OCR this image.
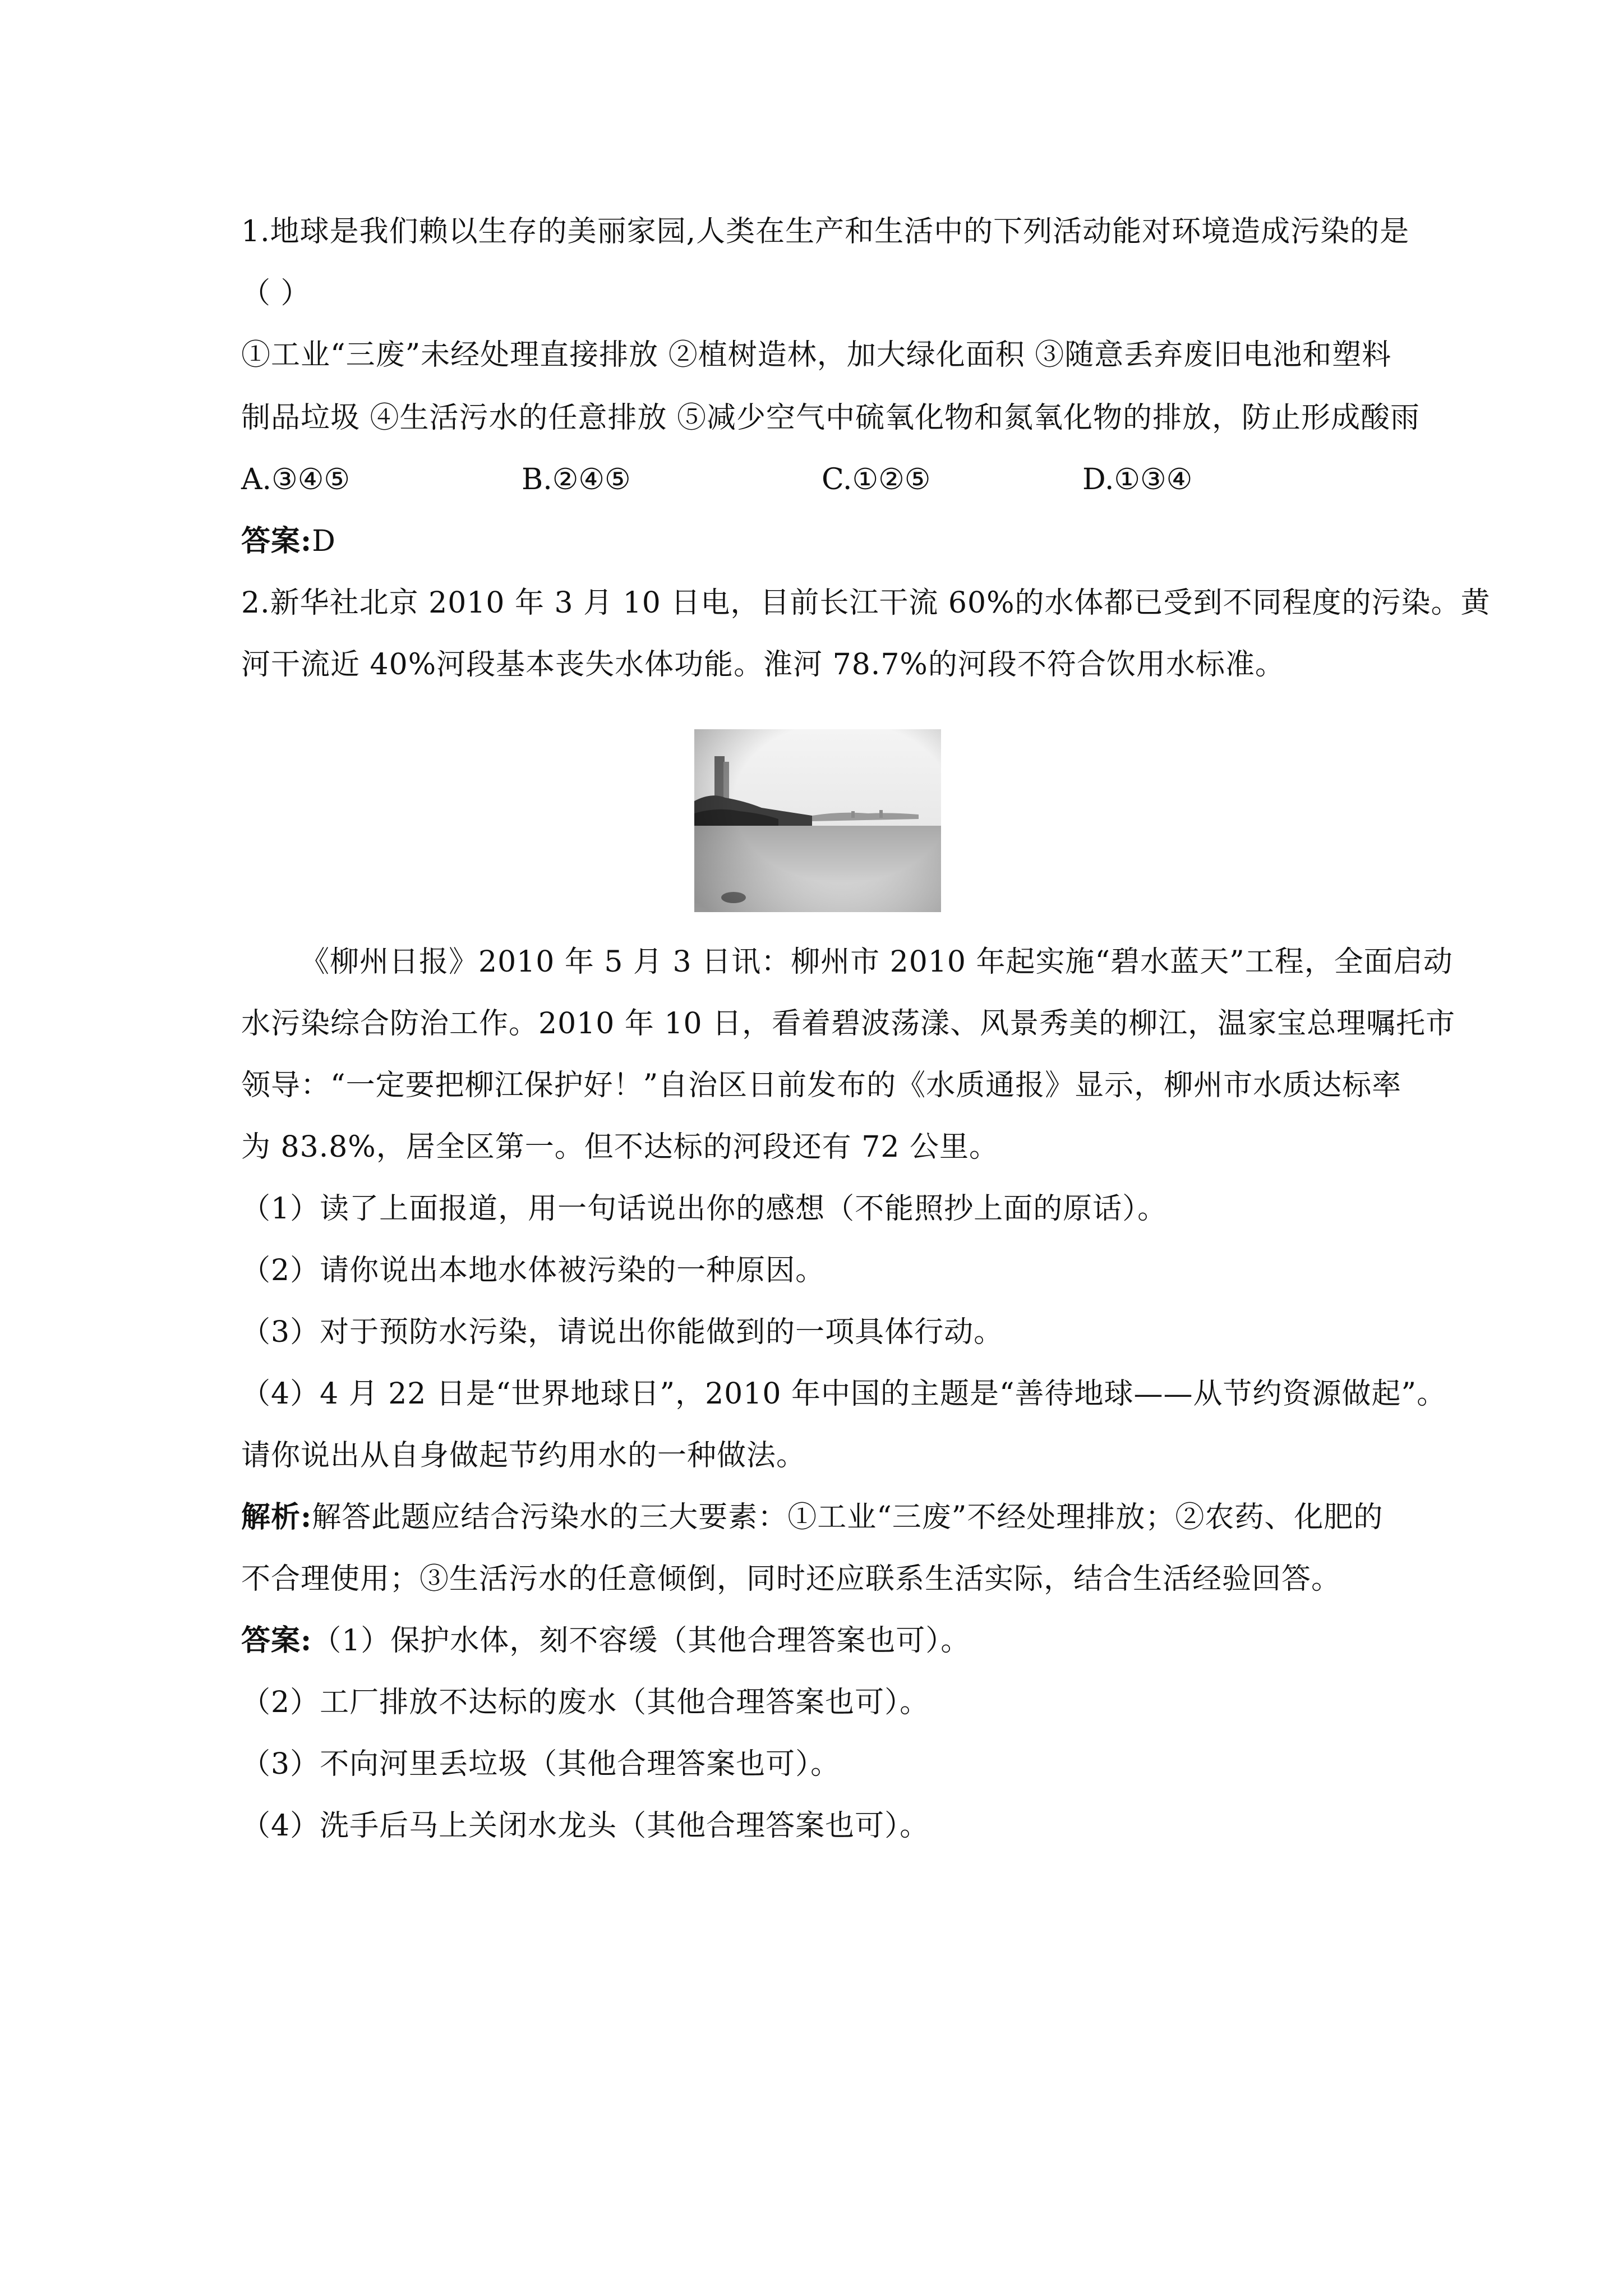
1.地球是我们赖以生存的美丽家园,人类在生产和生活中的下列活动能对环境造成污染的是
（ ）
①工业“三废”未经处理直接排放 ②植树造林，加大绿化面积 ③随意丢弃废旧电池和塑料
制品垃圾 ④生活污水的任意排放 ⑤减少空气中硫氧化物和氮氧化物的排放，防止形成酸雨
A.③④⑤	B.②④⑤	C.①②⑤	D.①③④
答案:D
2.新华社北京 2010 年 3 月 10 日电，目前长江干流 60%的水体都已受到不同程度的污染。黄
河干流近 40%河段基本丧失水体功能。淮河 78.7%的河段不符合饮用水标准。
《柳州日报》2010 年 5 月 3 日讯：柳州市 2010 年起实施“碧水蓝天”工程，全面启动
水污染综合防治工作。2010 年 10 日，看着碧波荡漾、风景秀美的柳江，温家宝总理嘱托市
领导：“一定要把柳江保护好！”自治区日前发布的《水质通报》显示，柳州市水质达标率
为 83.8%，居全区第一。但不达标的河段还有 72 公里。
（1）读了上面报道，用一句话说出你的感想（不能照抄上面的原话）。
（2）请你说出本地水体被污染的一种原因。
（3）对于预防水污染，请说出你能做到的一项具体行动。
（4）4 月 22 日是“世界地球日”，2010 年中国的主题是“善待地球——从节约资源做起”。
请你说出从自身做起节约用水的一种做法。
解析:解答此题应结合污染水的三大要素：①工业“三废”不经处理排放；②农药、化肥的
不合理使用；③生活污水的任意倾倒，同时还应联系生活实际，结合生活经验回答。
答案:（1）保护水体，刻不容缓（其他合理答案也可）。
（2）工厂排放不达标的废水（其他合理答案也可）。
（3）不向河里丢垃圾（其他合理答案也可）。
（4）洗手后马上关闭水龙头（其他合理答案也可）。
